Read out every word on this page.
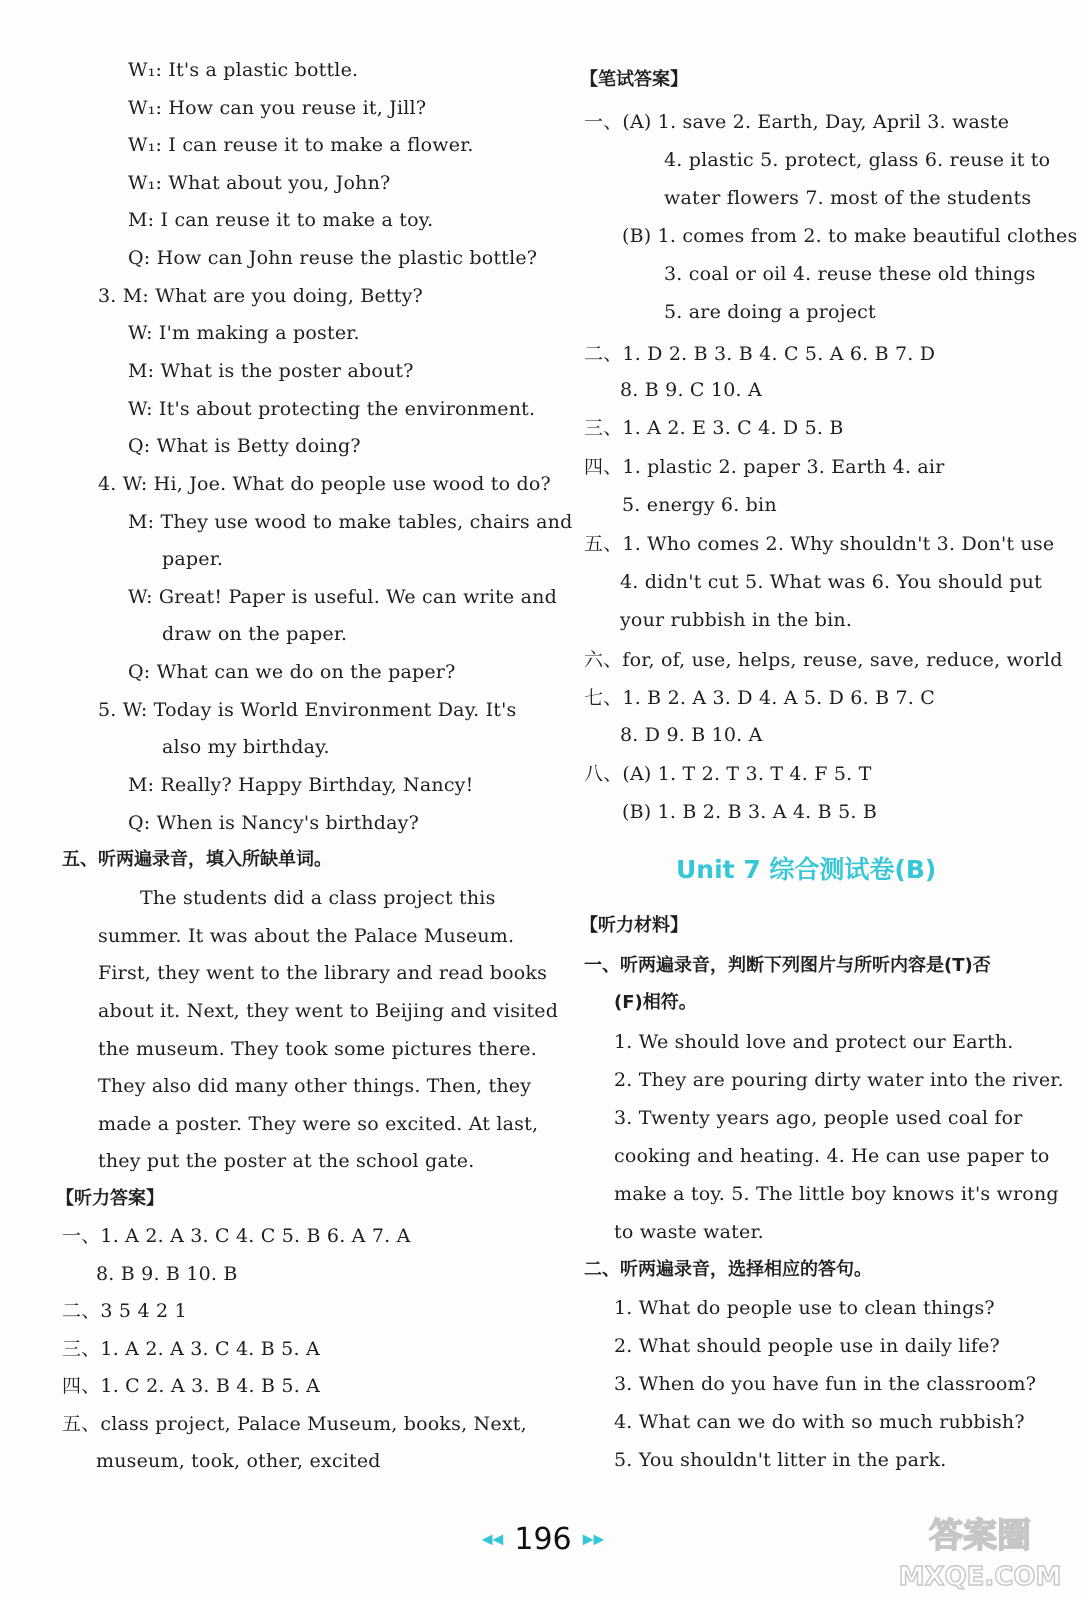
W₁: It's a plastic bottle.
W₁: How can you reuse it, Jill?
W₁: I can reuse it to make a flower.
W₁: What about you, John?
M: I can reuse it to make a toy.
Q: How can John reuse the plastic bottle?
3. M: What are you doing, Betty?
W: I'm making a poster.
M: What is the poster about?
W: It's about protecting the environment.
Q: What is Betty doing?
4. W: Hi, Joe. What do people use wood to do?
M: They use wood to make tables, chairs and
paper.
W: Great! Paper is useful. We can write and
draw on the paper.
Q: What can we do on the paper?
5. W: Today is World Environment Day. It's
also my birthday.
M: Really? Happy Birthday, Nancy!
Q: When is Nancy's birthday?
五、听两遍录音，填入所缺单词。
The students did a class project this
summer. It was about the Palace Museum.
First, they went to the library and read books
about it. Next, they went to Beijing and visited
the museum. They took some pictures there.
They also did many other things. Then, they
made a poster. They were so excited. At last,
they put the poster at the school gate.
【听力答案】
一、1. A 2. A 3. C 4. C 5. B 6. A 7. A
8. B 9. B 10. B
二、3 5 4 2 1
三、1. A 2. A 3. C 4. B 5. A
四、1. C 2. A 3. B 4. B 5. A
五、class project, Palace Museum, books, Next,
museum, took, other, excited
【笔试答案】
一、(A) 1. save 2. Earth, Day, April 3. waste
4. plastic 5. protect, glass 6. reuse it to
water flowers 7. most of the students
(B) 1. comes from 2. to make beautiful clothes
3. coal or oil 4. reuse these old things
5. are doing a project
二、1. D 2. B 3. B 4. C 5. A 6. B 7. D
8. B 9. C 10. A
三、1. A 2. E 3. C 4. D 5. B
四、1. plastic 2. paper 3. Earth 4. air
5. energy 6. bin
五、1. Who comes 2. Why shouldn't 3. Don't use
4. didn't cut 5. What was 6. You should put
your rubbish in the bin.
六、for, of, use, helps, reuse, save, reduce, world
七、1. B 2. A 3. D 4. A 5. D 6. B 7. C
8. D 9. B 10. A
八、(A) 1. T 2. T 3. T 4. F 5. T
(B) 1. B 2. B 3. A 4. B 5. B
Unit 7 综合测试卷(B)
【听力材料】
一、听两遍录音，判断下列图片与所听内容是(T)否
(F)相符。
1. We should love and protect our Earth.
2. They are pouring dirty water into the river.
3. Twenty years ago, people used coal for
cooking and heating. 4. He can use paper to
make a toy. 5. The little boy knows it's wrong
to waste water.
二、听两遍录音，选择相应的答句。
1. What do people use to clean things?
2. What should people use in daily life?
3. When do you have fun in the classroom?
4. What can we do with so much rubbish?
5. You shouldn't litter in the park.
◀◀ 196 ▶▶	答案圈
MXQE.COM
